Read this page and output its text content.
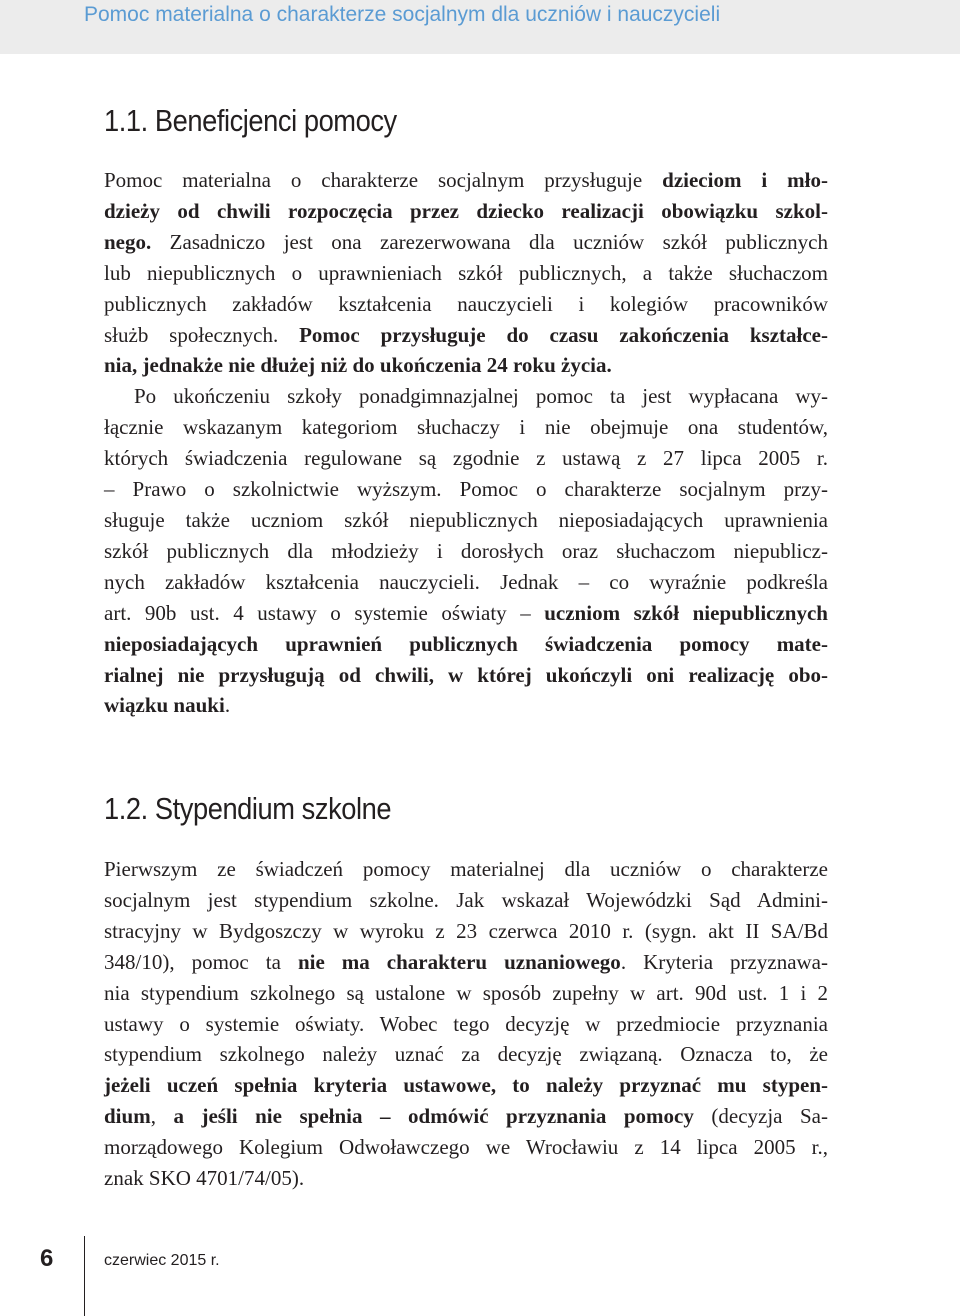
Pomoc materialna o charakterze socjalnym dla uczniów i nauczycieli
1.1. Beneficjenci pomocy
Pomoc materialna o charakterze socjalnym przysługuje dzieciom i mło-
dzieży od chwili rozpoczęcia przez dziecko realizacji obowiązku szkol-
nego. Zasadniczo jest ona zarezerwowana dla uczniów szkół publicznych
lub niepublicznych o uprawnieniach szkół publicznych, a także słuchaczom
publicznych zakładów kształcenia nauczycieli i kolegiów pracowników
służb społecznych. Pomoc przysługuje do czasu zakończenia kształce-
nia, jednakże nie dłużej niż do ukończenia 24 roku życia.
Po ukończeniu szkoły ponadgimnazjalnej pomoc ta jest wypłacana wy-
łącznie wskazanym kategoriom słuchaczy i nie obejmuje ona studentów,
których świadczenia regulowane są zgodnie z ustawą z 27 lipca 2005 r.
– Prawo o szkolnictwie wyższym. Pomoc o charakterze socjalnym przy-
sługuje także uczniom szkół niepublicznych nieposiadających uprawnienia
szkół publicznych dla młodzieży i dorosłych oraz słuchaczom niepublicz-
nych zakładów kształcenia nauczycieli. Jednak – co wyraźnie podkreśla
art. 90b ust. 4 ustawy o systemie oświaty – uczniom szkół niepublicznych
nieposiadających uprawnień publicznych świadczenia pomocy mate-
rialnej nie przysługują od chwili, w której ukończyli oni realizację obo-
wiązku nauki.
1.2. Stypendium szkolne
Pierwszym ze świadczeń pomocy materialnej dla uczniów o charakterze
socjalnym jest stypendium szkolne. Jak wskazał Wojewódzki Sąd Admini-
stracyjny w Bydgoszczy w wyroku z 23 czerwca 2010 r. (sygn. akt II SA/Bd
348/10), pomoc ta nie ma charakteru uznaniowego. Kryteria przyznawa-
nia stypendium szkolnego są ustalone w sposób zupełny w art. 90d ust. 1 i 2
ustawy o systemie oświaty. Wobec tego decyzję w przedmiocie przyznania
stypendium szkolnego należy uznać za decyzję związaną. Oznacza to, że
jeżeli uczeń spełnia kryteria ustawowe, to należy przyznać mu stypen-
dium, a jeśli nie spełnia – odmówić przyznania pomocy (decyzja Sa-
morządowego Kolegium Odwoławczego we Wrocławiu z 14 lipca 2005 r.,
znak SKO 4701/74/05).
6	czerwiec 2015 r.
